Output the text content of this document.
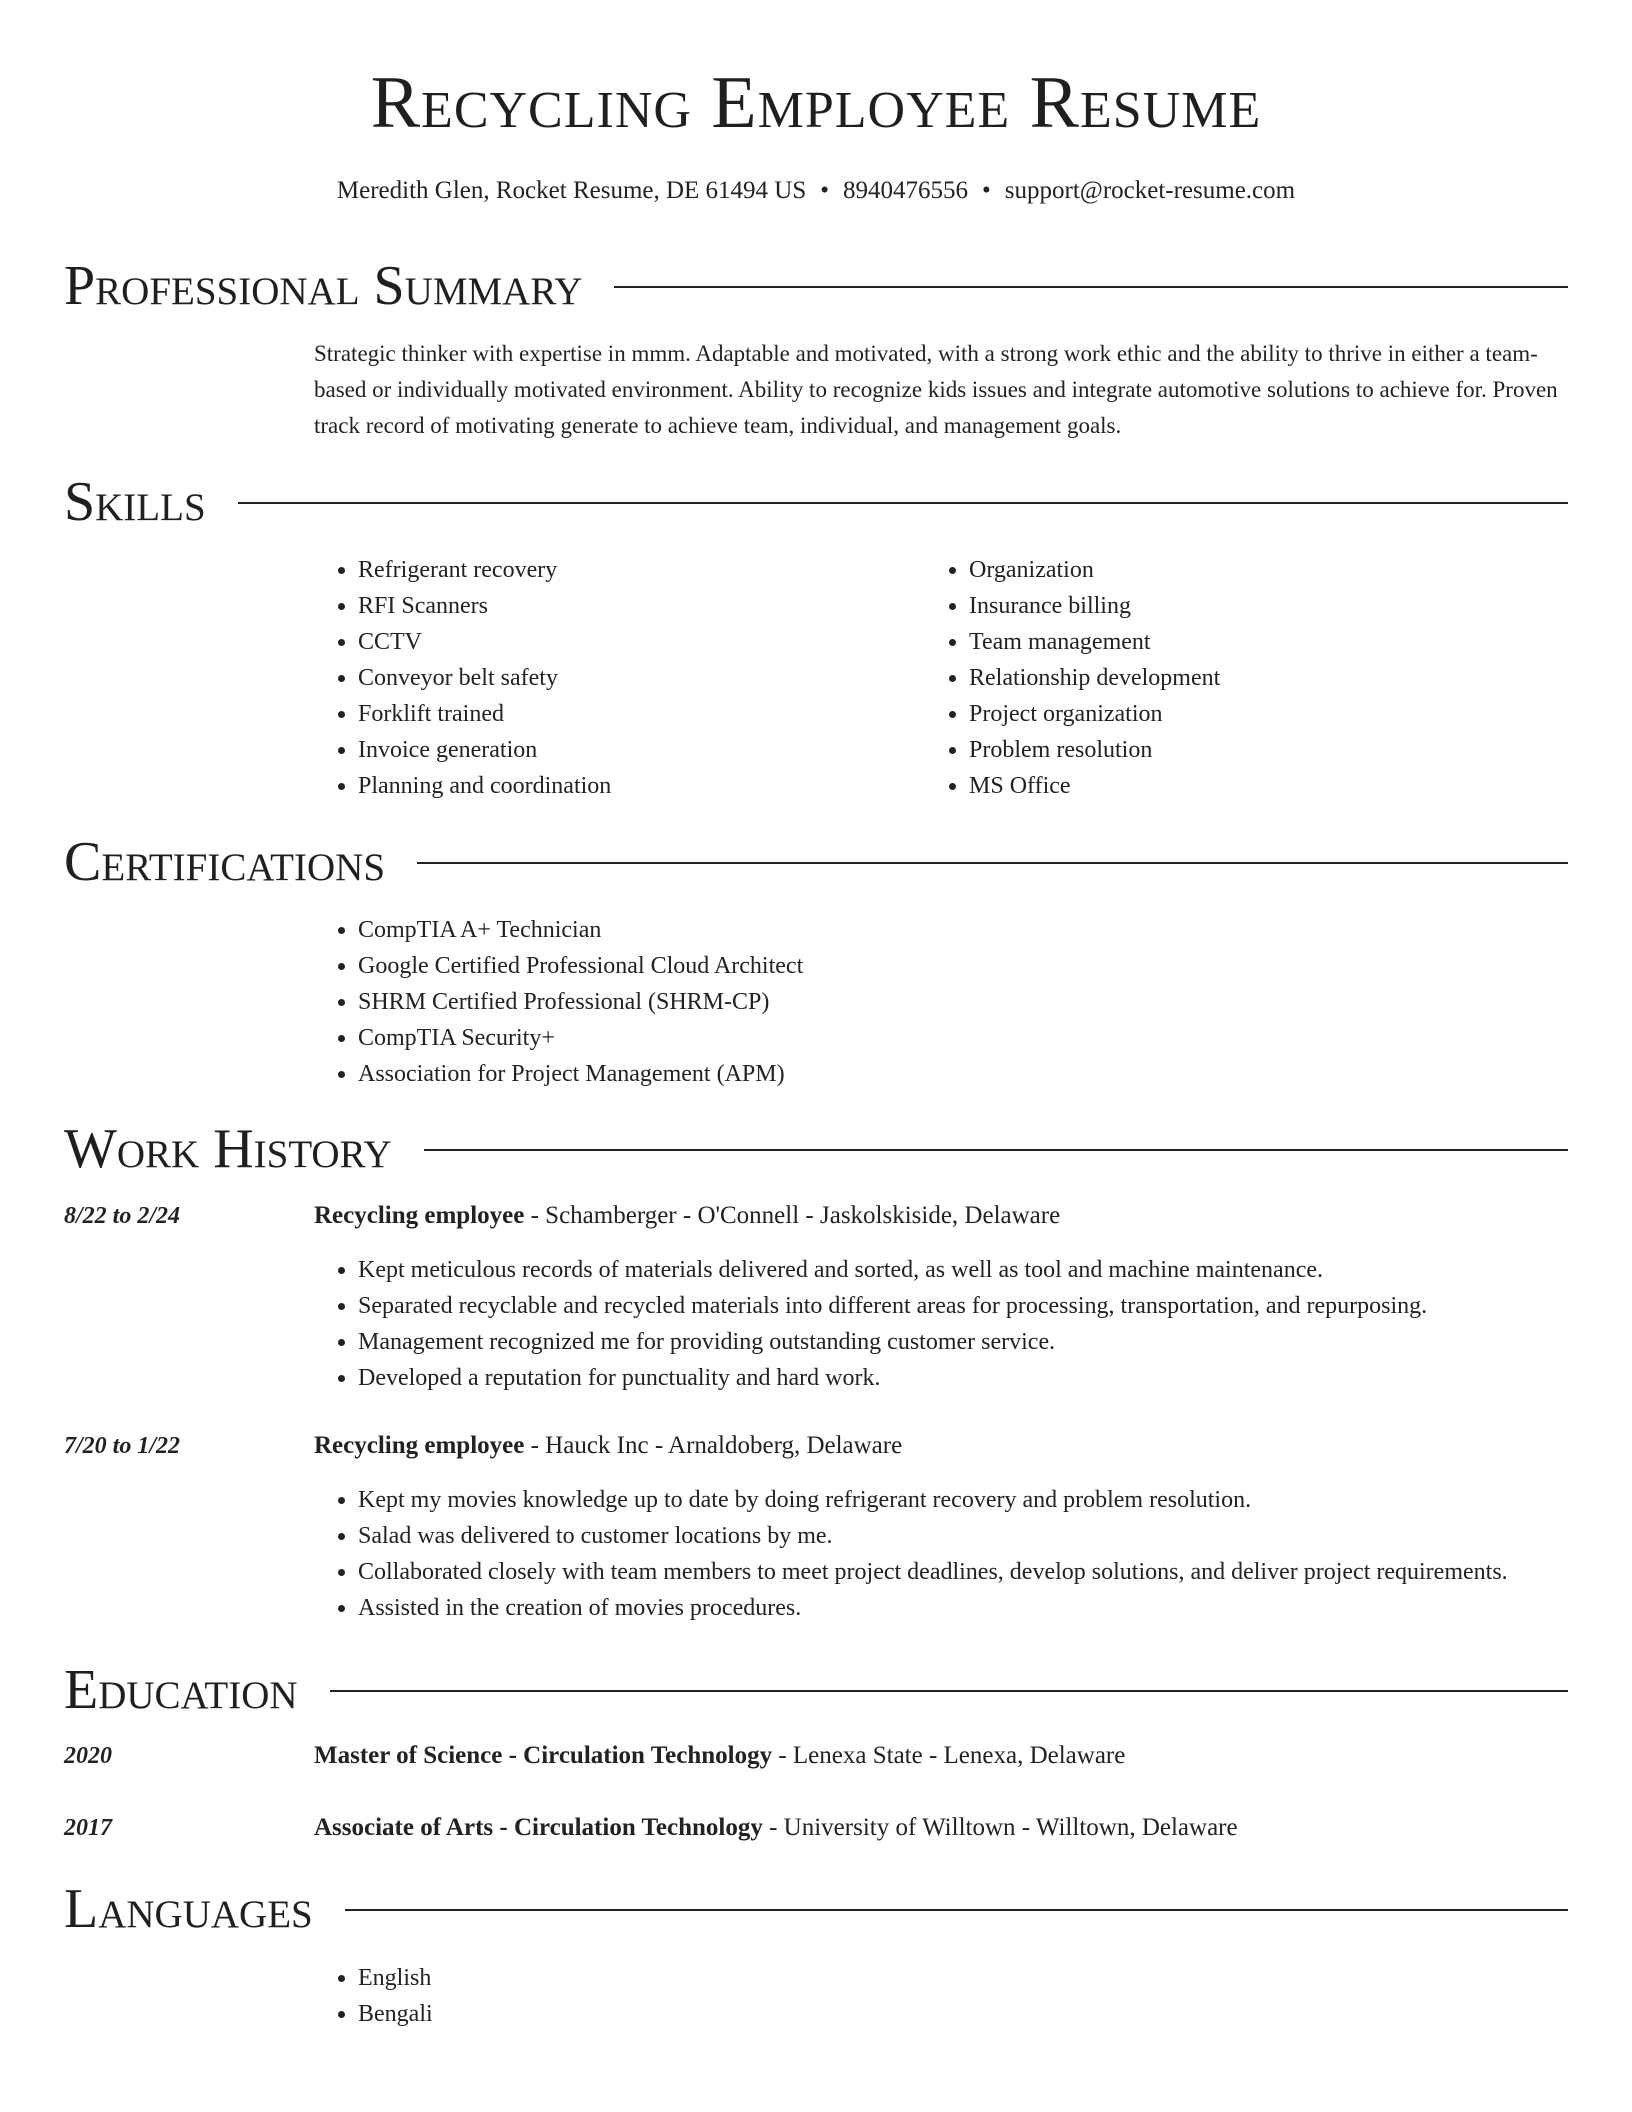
Recycling Employee Resume
Meredith Glen, Rocket Resume, DE 61494 US • 8940476556 • support@rocket-resume.com
Professional Summary
Strategic thinker with expertise in mmm. Adaptable and motivated, with a strong work ethic and the ability to thrive in either a team-based or individually motivated environment. Ability to recognize kids issues and integrate automotive solutions to achieve for. Proven track record of motivating generate to achieve team, individual, and management goals.
Skills
• Refrigerant recovery
• RFI Scanners
• CCTV
• Conveyor belt safety
• Forklift trained
• Invoice generation
• Planning and coordination
• Organization
• Insurance billing
• Team management
• Relationship development
• Project organization
• Problem resolution
• MS Office
Certifications
• CompTIA A+ Technician
• Google Certified Professional Cloud Architect
• SHRM Certified Professional (SHRM-CP)
• CompTIA Security+
• Association for Project Management (APM)
Work History
8/22 to 2/24	Recycling employee - Schamberger - O'Connell - Jaskolskiside, Delaware
• Kept meticulous records of materials delivered and sorted, as well as tool and machine maintenance.
• Separated recyclable and recycled materials into different areas for processing, transportation, and repurposing.
• Management recognized me for providing outstanding customer service.
• Developed a reputation for punctuality and hard work.
7/20 to 1/22	Recycling employee - Hauck Inc - Arnaldoberg, Delaware
• Kept my movies knowledge up to date by doing refrigerant recovery and problem resolution.
• Salad was delivered to customer locations by me.
• Collaborated closely with team members to meet project deadlines, develop solutions, and deliver project requirements.
• Assisted in the creation of movies procedures.
Education
2020	Master of Science - Circulation Technology - Lenexa State - Lenexa, Delaware
2017	Associate of Arts - Circulation Technology - University of Willtown - Willtown, Delaware
Languages
• English
• Bengali
